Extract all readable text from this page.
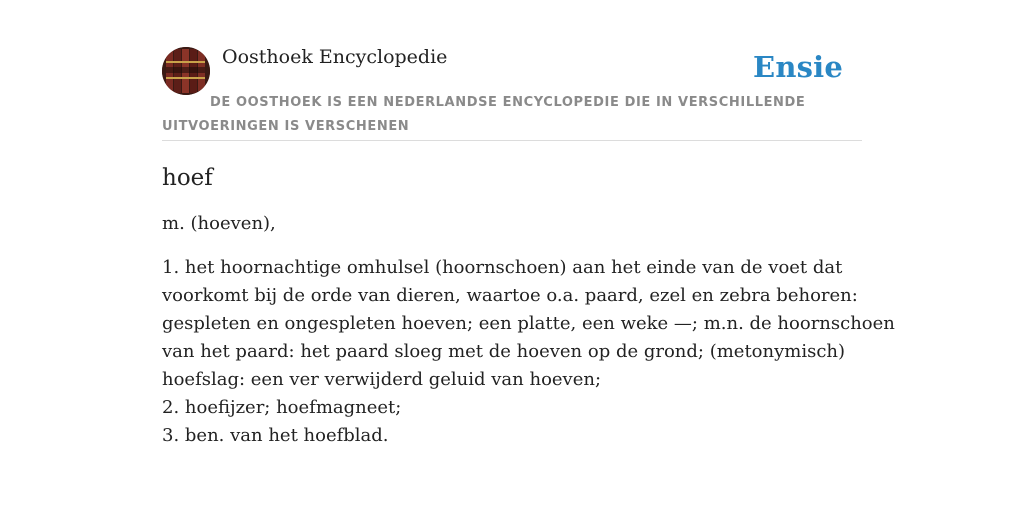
Oosthoek Encyclopedie	Ensie
DE OOSTHOEK IS EEN NEDERLANDSE ENCYCLOPEDIE DIE IN VERSCHILLENDE UITVOERINGEN IS VERSCHENEN
hoef
m. (hoeven),
1. het hoornachtige omhulsel (hoornschoen) aan het einde van de voet dat
voorkomt bij de orde van dieren, waartoe o.a. paard, ezel en zebra behoren:
gespleten en ongespleten hoeven; een platte, een weke —; m.n. de hoornschoen
van het paard: het paard sloeg met de hoeven op de grond; (metonymisch)
hoefslag: een ver verwijderd geluid van hoeven;
2. hoefijzer; hoefmagneet;
3. ben. van het hoefblad.
